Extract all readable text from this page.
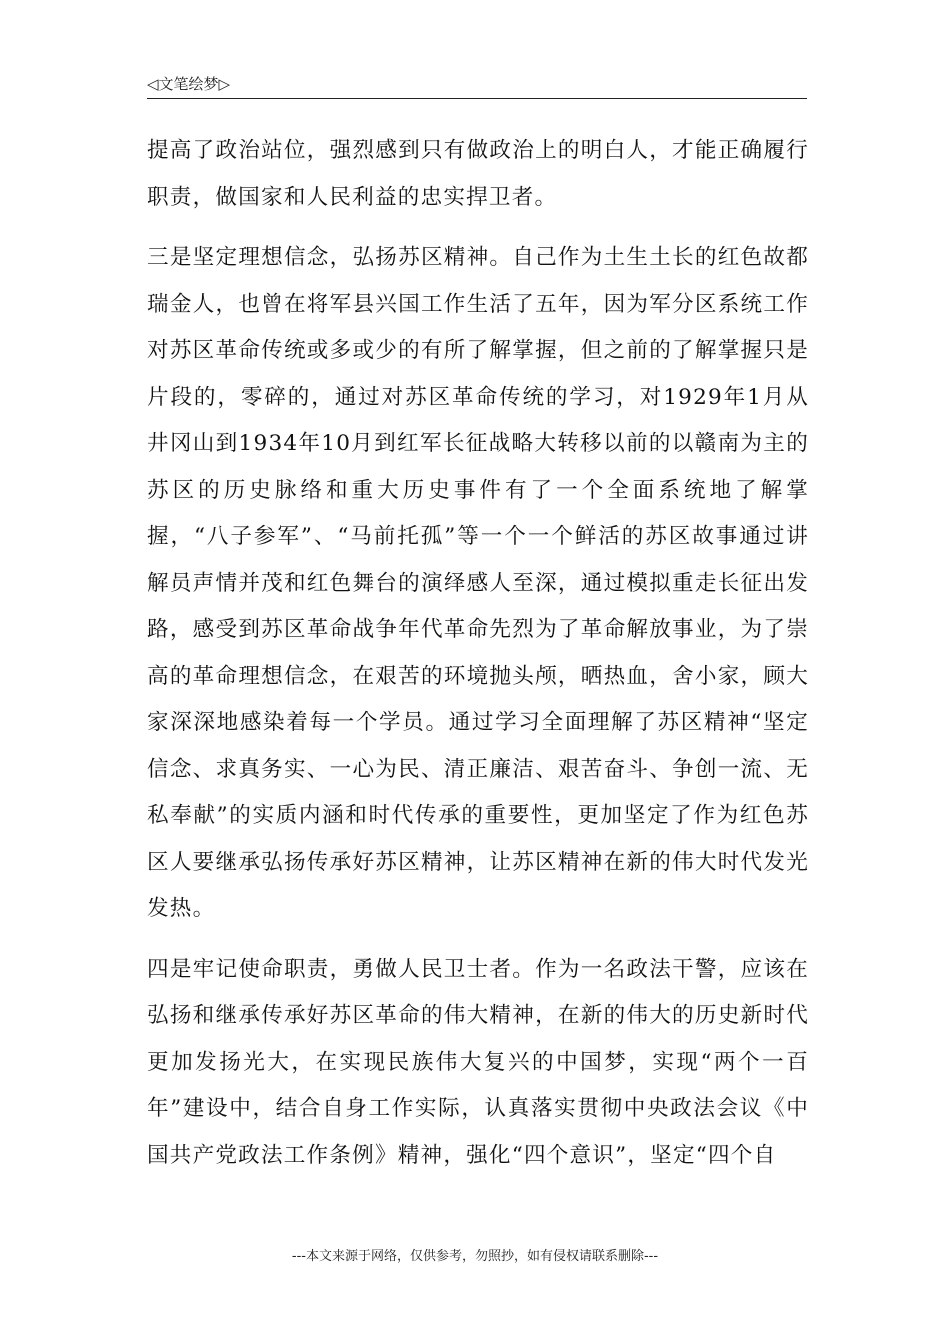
◁文笔绘梦▷

提高了政治站位，强烈感到只有做政治上的明白人，才能正确履行职责，做国家和人民利益的忠实捍卫者。

三是坚定理想信念，弘扬苏区精神。自己作为土生土长的红色故都瑞金人，也曾在将军县兴国工作生活了五年，因为军分区系统工作对苏区革命传统或多或少的有所了解掌握，但之前的了解掌握只是片段的，零碎的，通过对苏区革命传统的学习，对1929年1月从井冈山到1934年10月到红军长征战略大转移以前的以赣南为主的苏区的历史脉络和重大历史事件有了一个全面系统地了解掌握，“八子参军”、“马前托孤”等一个一个鲜活的苏区故事通过讲解员声情并茂和红色舞台的演绎感人至深，通过模拟重走长征出发路，感受到苏区革命战争年代革命先烈为了革命解放事业，为了崇高的革命理想信念，在艰苦的环境抛头颅，晒热血，舍小家，顾大家深深地感染着每一个学员。通过学习全面理解了苏区精神“坚定信念、求真务实、一心为民、清正廉洁、艰苦奋斗、争创一流、无私奉献”的实质内涵和时代传承的重要性，更加坚定了作为红色苏区人要继承弘扬传承好苏区精神，让苏区精神在新的伟大时代发光发热。

四是牢记使命职责，勇做人民卫士者。作为一名政法干警，应该在弘扬和继承传承好苏区革命的伟大精神，在新的伟大的历史新时代更加发扬光大，在实现民族伟大复兴的中国梦，实现“两个一百年”建设中，结合自身工作实际，认真落实贯彻中央政法会议《中国共产党政法工作条例》精神，强化“四个意识”，坚定“四个自

---本文来源于网络，仅供参考，勿照抄，如有侵权请联系删除---
